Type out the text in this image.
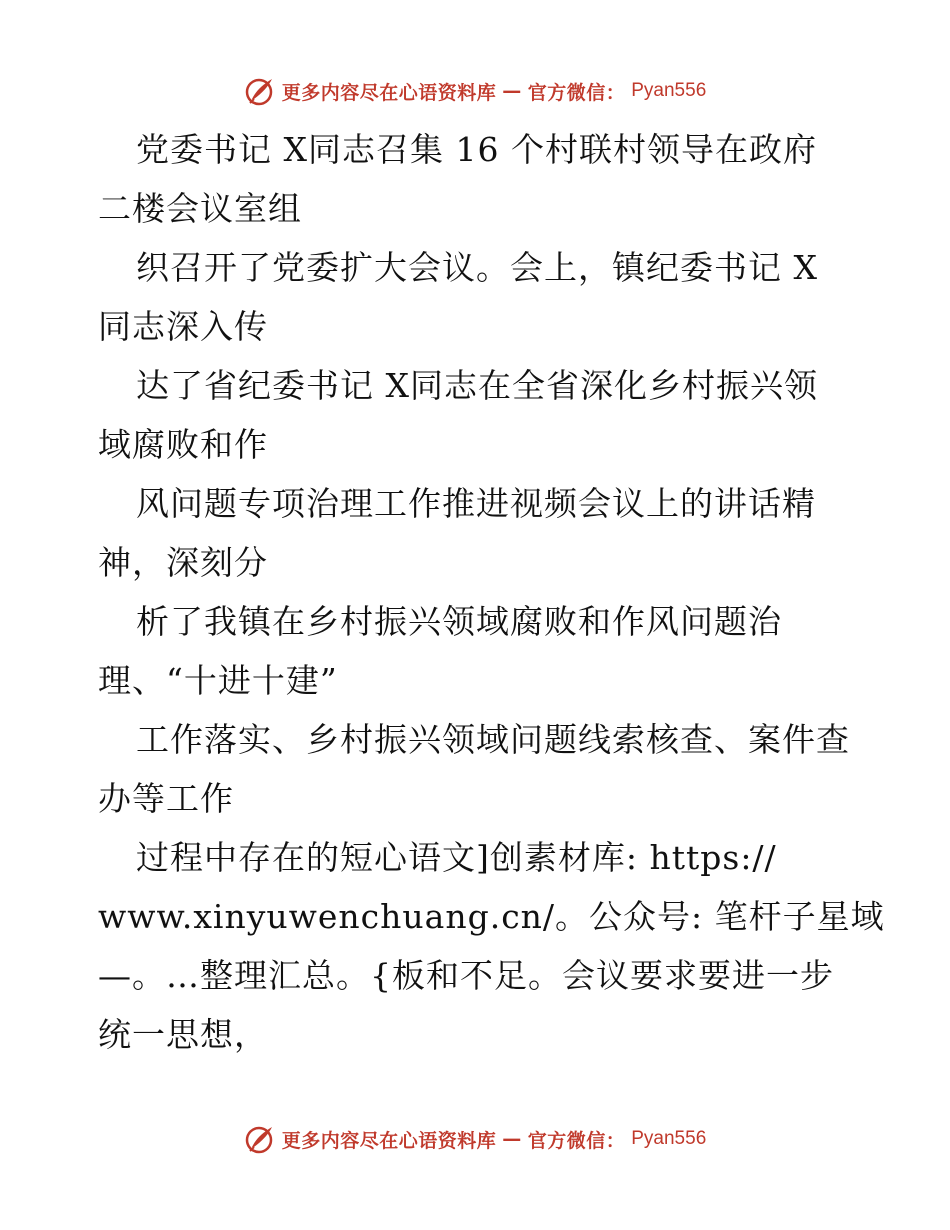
更多内容尽在心语资料库 — 官方微信： Pyan556
党委书记 X同志召集 16 个村联村领导在政府
二楼会议室组
织召开了党委扩大会议。会上，镇纪委书记 X
同志深入传
达了省纪委书记 X同志在全省深化乡村振兴领
域腐败和作
风问题专项治理工作推进视频会议上的讲话精
神，深刻分
析了我镇在乡村振兴领域腐败和作风问题治
理、“十进十建”
工作落实、乡村振兴领域问题线索核查、案件查
办等工作
过程中存在的短心语文]创素材库: https://
www.xinyuwenchuang.cn/。公众号: 笔杆子星域
—。…整理汇总。{板和不足。会议要求要进一步
统一思想，
更多内容尽在心语资料库 — 官方微信： Pyan556
